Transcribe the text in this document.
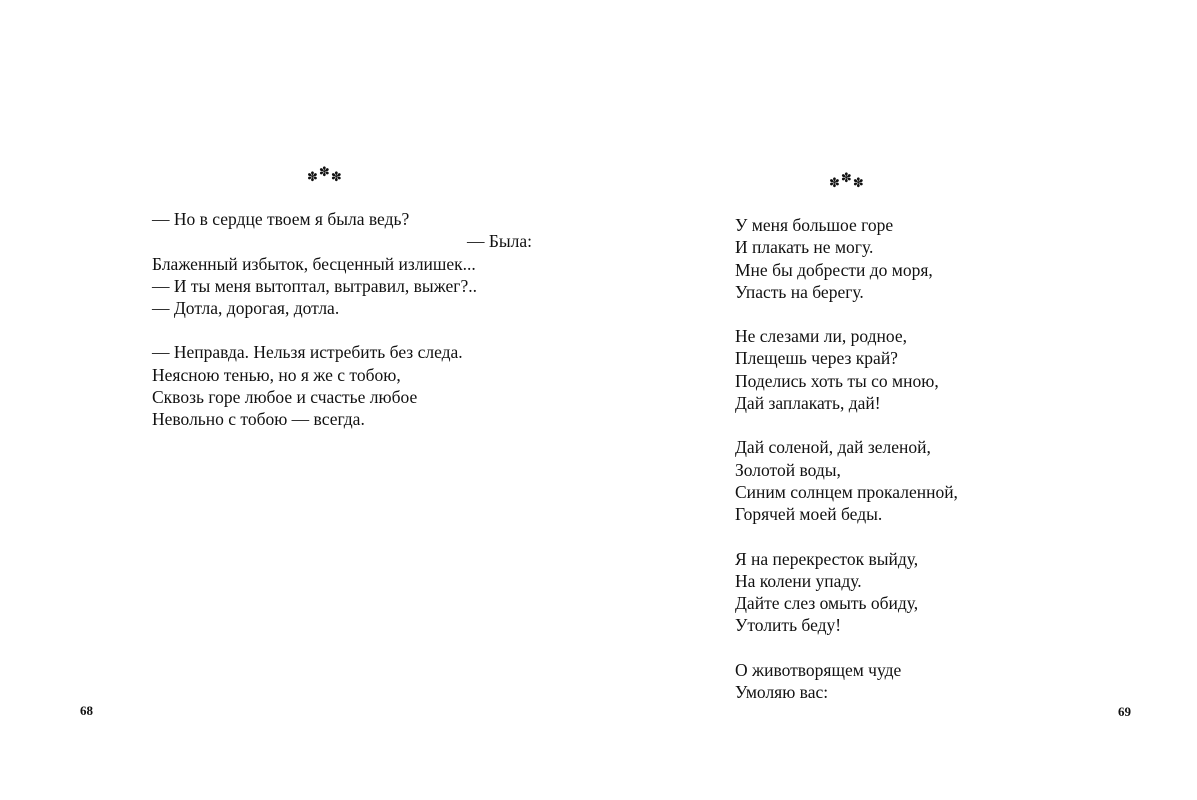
✽✽✽
— Но в сердце твоем я была ведь?
— Была:
Блаженный избыток, бесценный излишек...
— И ты меня вытоптал, вытравил, выжег?..
— Дотла, дорогая, дотла.
— Неправда. Нельзя истребить без следа.
Неясною тенью, но я же с тобою,
Сквозь горе любое и счастье любое
Невольно с тобою — всегда.
68
✽✽✽
У меня большое горе
И плакать не могу.
Мне бы добрести до моря,
Упасть на берегу.
Не слезами ли, родное,
Плещешь через край?
Поделись хоть ты со мною,
Дай заплакать, дай!
Дай соленой, дай зеленой,
Золотой воды,
Синим солнцем прокаленной,
Горячей моей беды.
Я на перекресток выйду,
На колени упаду.
Дайте слез омыть обиду,
Утолить беду!
О животворящем чуде
Умоляю вас:
69
